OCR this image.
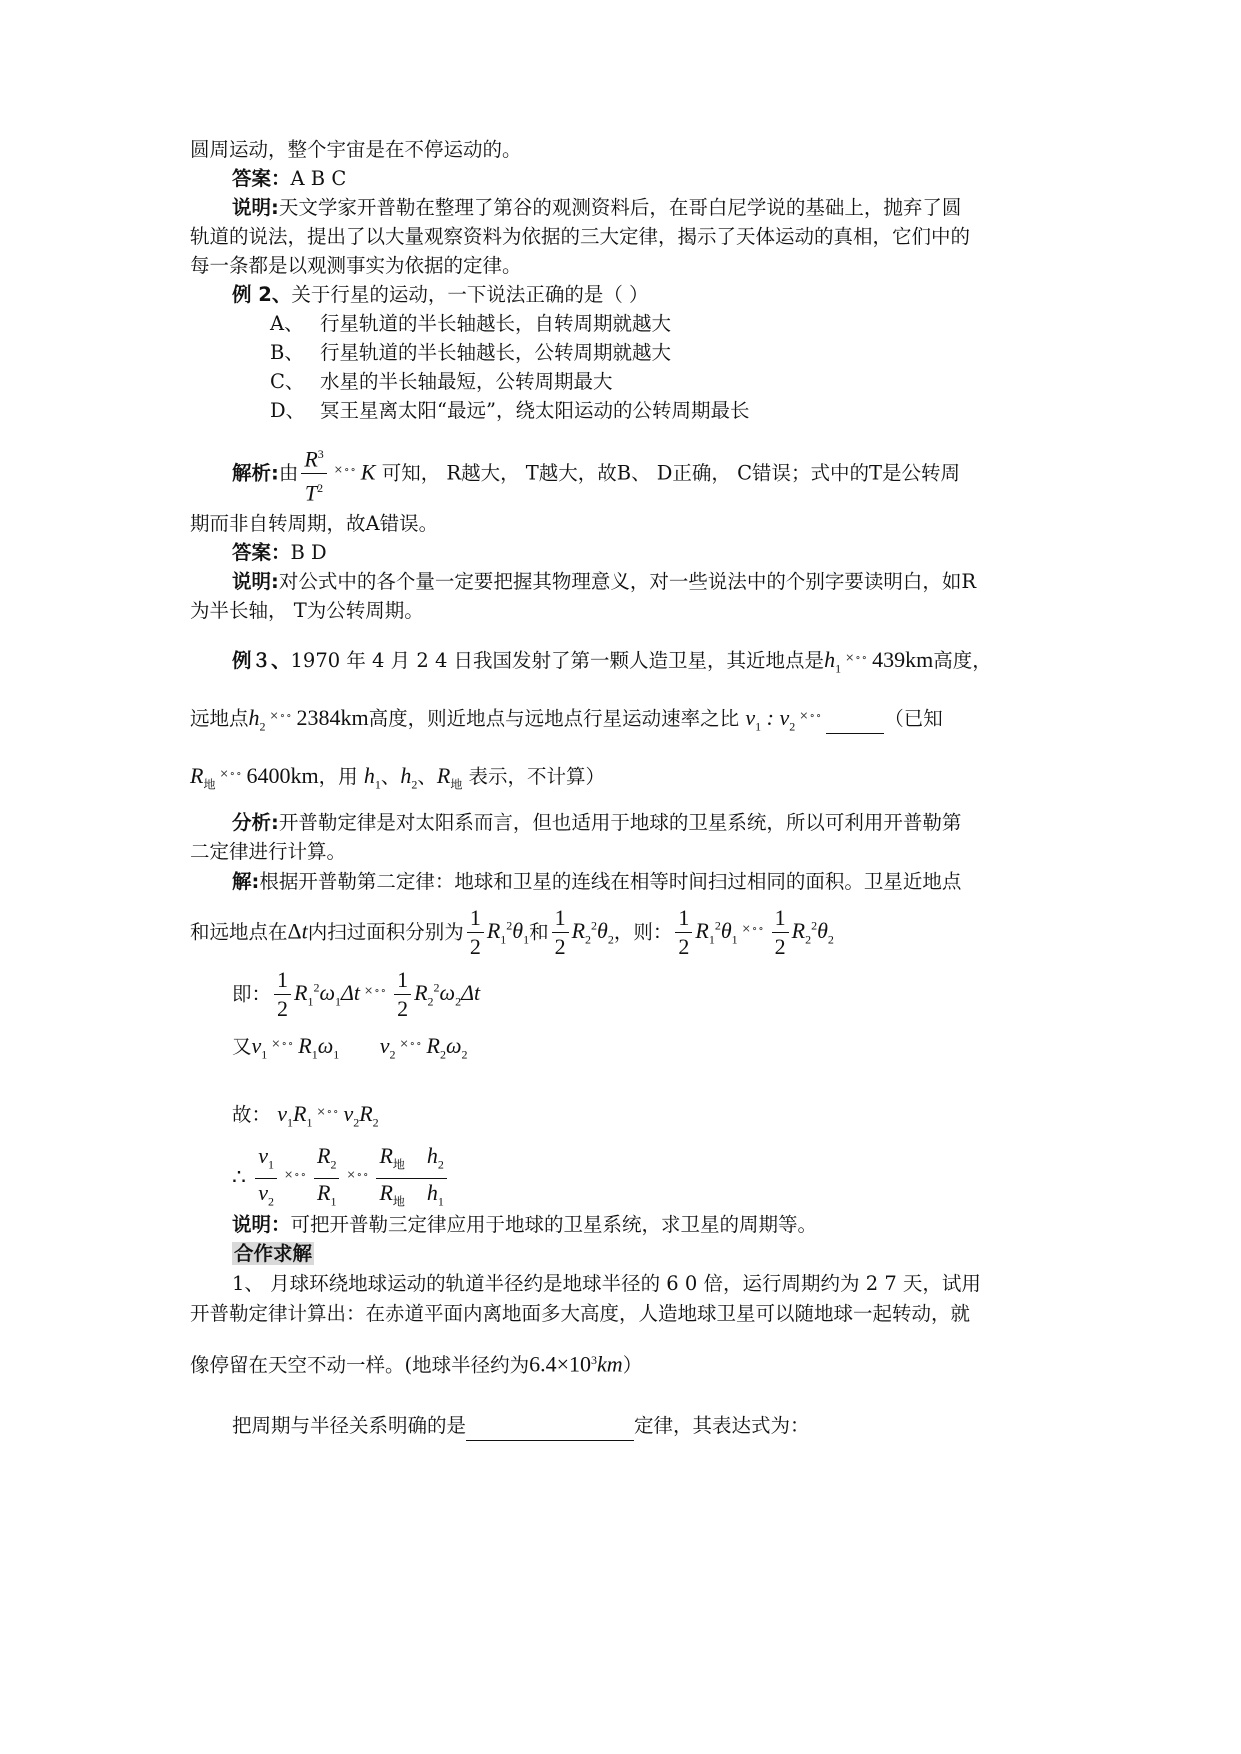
圆周运动，整个宇宙是在不停运动的。
答案：A B C
说明:天文学家开普勒在整理了第谷的观测资料后，在哥白尼学说的基础上，抛弃了圆
轨道的说法，提出了以大量观察资料为依据的三大定律，揭示了天体运动的真相，它们中的
每一条都是以观测事实为依据的定律。
例 2、关于行星的运动，一下说法正确的是（ ）
A、 行星轨道的半长轴越长，自转周期就越大
B、 行星轨道的半长轴越长，公转周期就越大
C、 水星的半长轴最短，公转周期最大
D、 冥王星离太阳“最远”，绕太阳运动的公转周期最长
解析:由 $\frac{R^3}{T^2} ^{\times\circ\circ}$ K 可知， R越大， T越大，故B、 D正确， C错误；式中的T是公转周
期而非自转周期，故A错误。
答案：B D
说明:对公式中的各个量一定要把握其物理意义，对一些说法中的个别字要读明白，如R
为半长轴， T为公转周期。
例３、1970 年 4 月 2 4 日我国发射了第一颗人造卫星，其近地点是$h_1^{\times\circ\circ}$ 439km高度，
远地点$h_2^{\times\circ\circ}$ 2384km高度，则近地点与远地点行星运动速率之比 $v_1$ : $v_2^{\times\circ\circ}$	（已知
$R_地^{\times\circ\circ}$ 6400km，用 $h_1$、$h_2$、$R_地$ 表示，不计算）
分析:开普勒定律是对太阳系而言，但也适用于地球的卫星系统，所以可利用开普勒第
二定律进行计算。
解:根据开普勒第二定律：地球和卫星的连线在相等时间扫过相同的面积。卫星近地点
和远地点在Δt内扫过面积分别为 $\frac{1}{2} R_1^2\theta_1$和 $\frac{1}{2} R_2^2\theta_2$，则： $\frac{1}{2} R_1^2\theta_1^{\times\circ\circ} \frac{1}{2} R_2^2\theta_2$
即： $\frac{1}{2} R_1^2\omega_1\Delta t$ $^{\times\circ\circ} \frac{1}{2} R_2^2\omega_2\Delta t$
又$v_1^{\times\circ\circ}$ $R_1\omega_1$ $v_2^{\times\circ\circ}$ $R_2\omega_2$
故： $v_1R_1^{\times\circ\circ}$ $v_2R_2$
∴ $\frac{v_1}{v_2} ^{\times\circ\circ} \frac{R_2}{R_1} ^{\times\circ\circ} \frac{R_地 h_2}{R_地 h_1}$
说明：可把开普勒三定律应用于地球的卫星系统，求卫星的周期等。
合作求解
1、 月球环绕地球运动的轨道半径约是地球半径的 6 0 倍，运行周期约为 2 7 天，试用
开普勒定律计算出：在赤道平面内离地面多大高度，人造地球卫星可以随地球一起转动，就
像停留在天空不动一样。(地球半径约为$6.4\times 10^3km$）
把周期与半径关系明确的是	定律，其表达式为：
